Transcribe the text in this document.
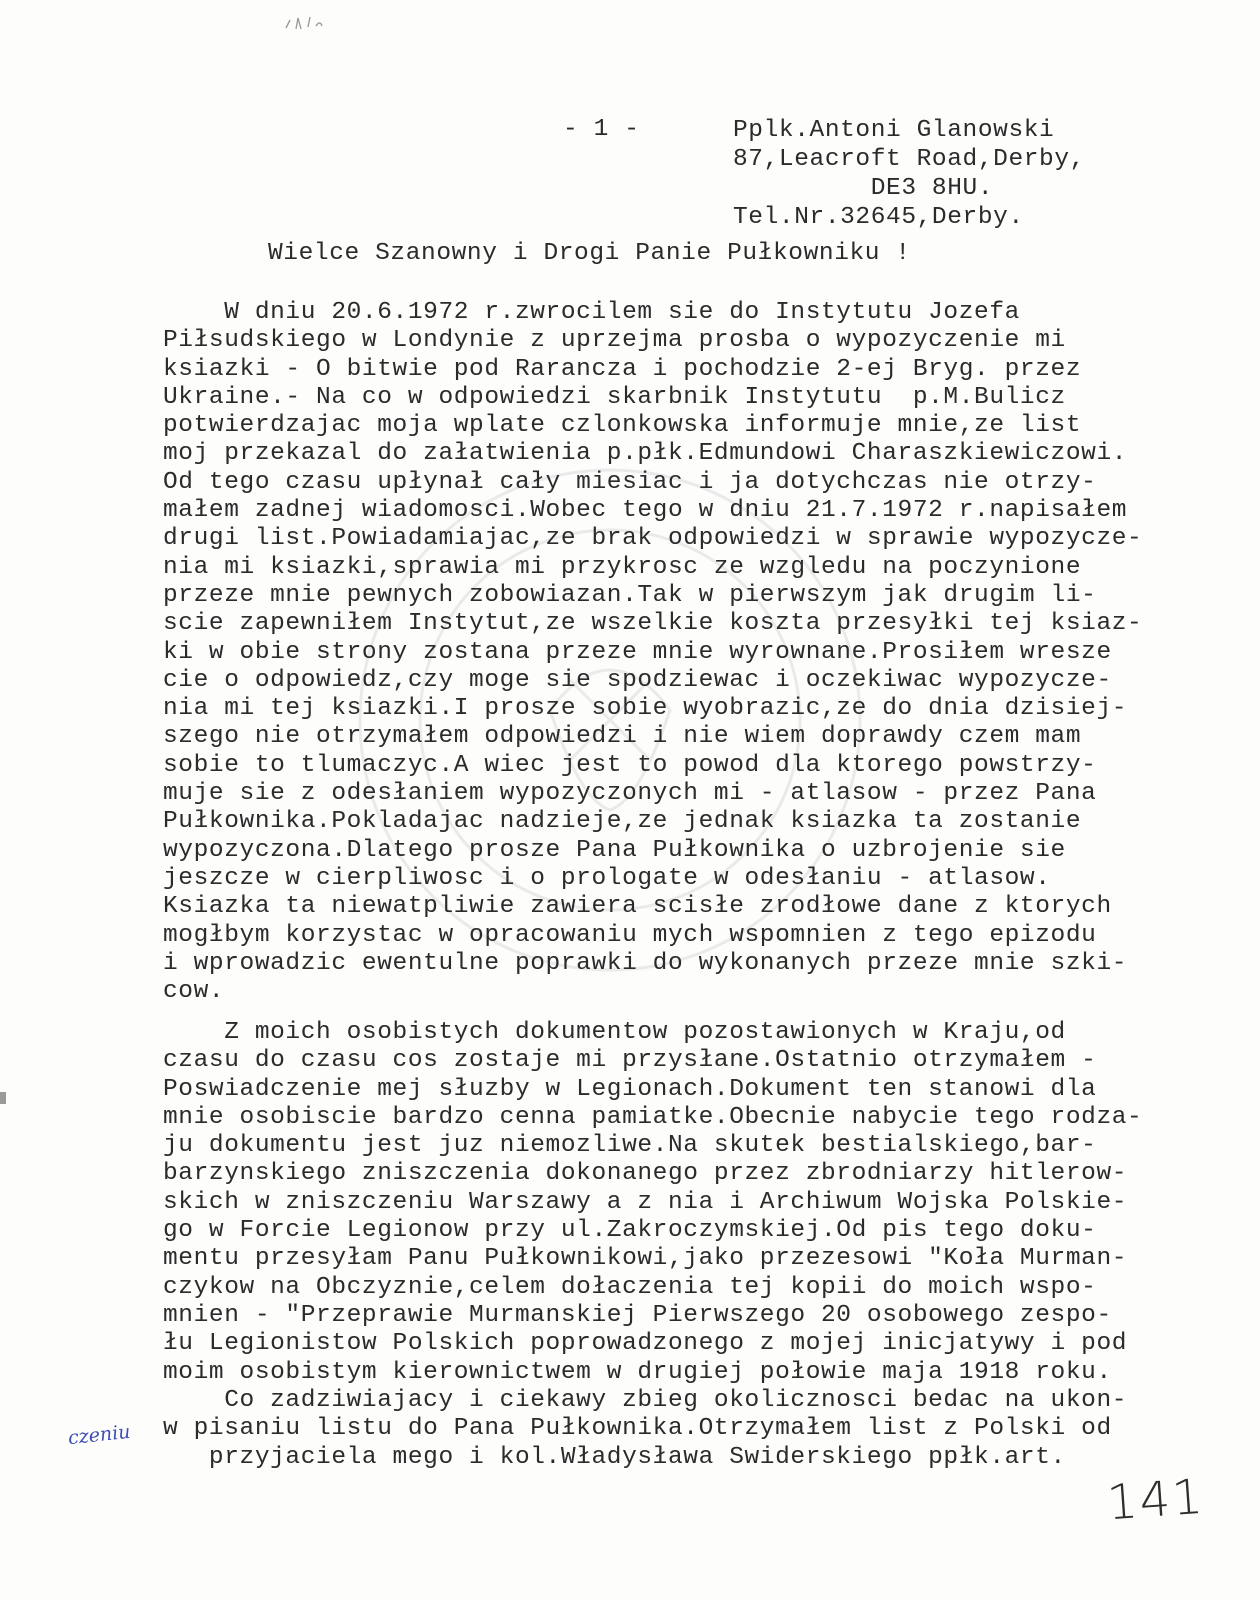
- 1 -	Pplk.Antoni Glanowski
87,Leacroft Road,Derby,
DE3 8HU.
Tel.Nr.32645,Derby.
Wielce Szanowny i Drogi Panie Pułkowniku !
W dniu 20.6.1972 r.zwrocilem sie do Instytutu Jozefa
Piłsudskiego w Londynie z uprzejma prosba o wypozyczenie mi
ksiazki - O bitwie pod Rarancza i pochodzie 2-ej Bryg. przez
Ukraine.- Na co w odpowiedzi skarbnik Instytutu  p.M.Bulicz
potwierdzajac moja wplate czlonkowska informuje mnie,ze list
moj przekazal do załatwienia p.płk.Edmundowi Charaszkiewiczowi.
Od tego czasu upłynał cały miesiac i ja dotychczas nie otrzy-
małem zadnej wiadomosci.Wobec tego w dniu 21.7.1972 r.napisałem
drugi list.Powiadamiajac,ze brak odpowiedzi w sprawie wypozycze-
nia mi ksiazki,sprawia mi przykrosc ze wzgledu na poczynione
przeze mnie pewnych zobowiazan.Tak w pierwszym jak drugim li-
scie zapewniłem Instytut,ze wszelkie koszta przesyłki tej ksiaz-
ki w obie strony zostana przeze mnie wyrownane.Prosiłem wresze
cie o odpowiedz,czy moge sie spodziewac i oczekiwac wypozycze-
nia mi tej ksiazki.I prosze sobie wyobrazic,ze do dnia dzisiej-
szego nie otrzymałem odpowiedzi i nie wiem doprawdy czem mam
sobie to tlumaczyc.A wiec jest to powod dla ktorego powstrzy-
muje sie z odesłaniem wypozyczonych mi - atlasow - przez Pana
Pułkownika.Pokladajac nadzieje,ze jednak ksiazka ta zostanie
wypozyczona.Dlatego prosze Pana Pułkownika o uzbrojenie sie
jeszcze w cierpliwosc i o prologate w odesłaniu - atlasow.
Ksiazka ta niewatpliwie zawiera scisłe zrodłowe dane z ktorych
mogłbym korzystac w opracowaniu mych wspomnien z tego epizodu
i wprowadzic ewentulne poprawki do wykonanych przeze mnie szki-
cow.
Z moich osobistych dokumentow pozostawionych w Kraju,od
czasu do czasu cos zostaje mi przysłane.Ostatnio otrzymałem -
Poswiadczenie mej słuzby w Legionach.Dokument ten stanowi dla
mnie osobiscie bardzo cenna pamiatke.Obecnie nabycie tego rodza-
ju dokumentu jest juz niemozliwe.Na skutek bestialskiego,bar-
barzynskiego zniszczenia dokonanego przez zbrodniarzy hitlerow-
skich w zniszczeniu Warszawy a z nia i Archiwum Wojska Polskie-
go w Forcie Legionow przy ul.Zakroczymskiej.Od pis tego doku-
mentu przesyłam Panu Pułkownikowi,jako przezesowi "Koła Murman-
czykow na Obczyznie,celem dołaczenia tej kopii do moich wspo-
mnien - "Przeprawie Murmanskiej Pierwszego 20 osobowego zespo-
łu Legionistow Polskich poprowadzonego z mojej inicjatywy i pod
moim osobistym kierownictwem w drugiej połowie maja 1918 roku.
Co zadziwiajacy i ciekawy zbieg okolicznosci bedac na ukon-
w pisaniu listu do Pana Pułkownika.Otrzymałem list z Polski od
przyjaciela mego i kol.Władysława Swiderskiego ppłk.art.
czeniu
141
